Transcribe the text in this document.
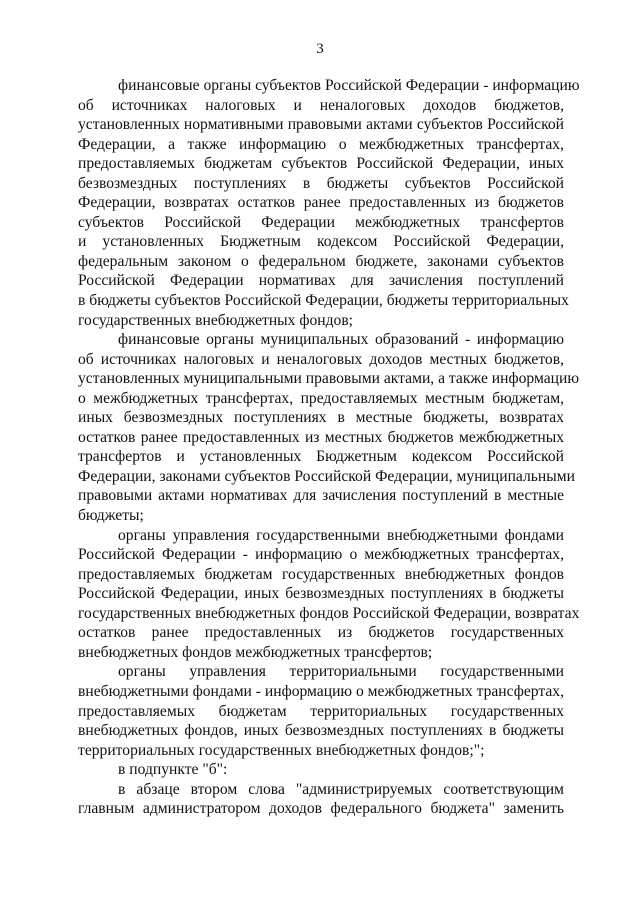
3
финансовые органы субъектов Российской Федерации - информацию
об источниках налоговых и неналоговых доходов бюджетов,
установленных нормативными правовыми актами субъектов Российской
Федерации, а также информацию о межбюджетных трансфертах,
предоставляемых бюджетам субъектов Российской Федерации, иных
безвозмездных поступлениях в бюджеты субъектов Российской
Федерации, возвратах остатков ранее предоставленных из бюджетов
субъектов Российской Федерации межбюджетных трансфертов
и установленных Бюджетным кодексом Российской Федерации,
федеральным законом о федеральном бюджете, законами субъектов
Российской Федерации нормативах для зачисления поступлений
в бюджеты субъектов Российской Федерации, бюджеты территориальных
государственных внебюджетных фондов;
финансовые органы муниципальных образований - информацию
об источниках налоговых и неналоговых доходов местных бюджетов,
установленных муниципальными правовыми актами, а также информацию
о межбюджетных трансфертах, предоставляемых местным бюджетам,
иных безвозмездных поступлениях в местные бюджеты, возвратах
остатков ранее предоставленных из местных бюджетов межбюджетных
трансфертов и установленных Бюджетным кодексом Российской
Федерации, законами субъектов Российской Федерации, муниципальными
правовыми актами нормативах для зачисления поступлений в местные
бюджеты;
органы управления государственными внебюджетными фондами
Российской Федерации - информацию о межбюджетных трансфертах,
предоставляемых бюджетам государственных внебюджетных фондов
Российской Федерации, иных безвозмездных поступлениях в бюджеты
государственных внебюджетных фондов Российской Федерации, возвратах
остатков ранее предоставленных из бюджетов государственных
внебюджетных фондов межбюджетных трансфертов;
органы управления территориальными государственными
внебюджетными фондами - информацию о межбюджетных трансфертах,
предоставляемых бюджетам территориальных государственных
внебюджетных фондов, иных безвозмездных поступлениях в бюджеты
территориальных государственных внебюджетных фондов;";
в подпункте "б":
в абзаце втором слова "администрируемых соответствующим
главным администратором доходов федерального бюджета" заменить
